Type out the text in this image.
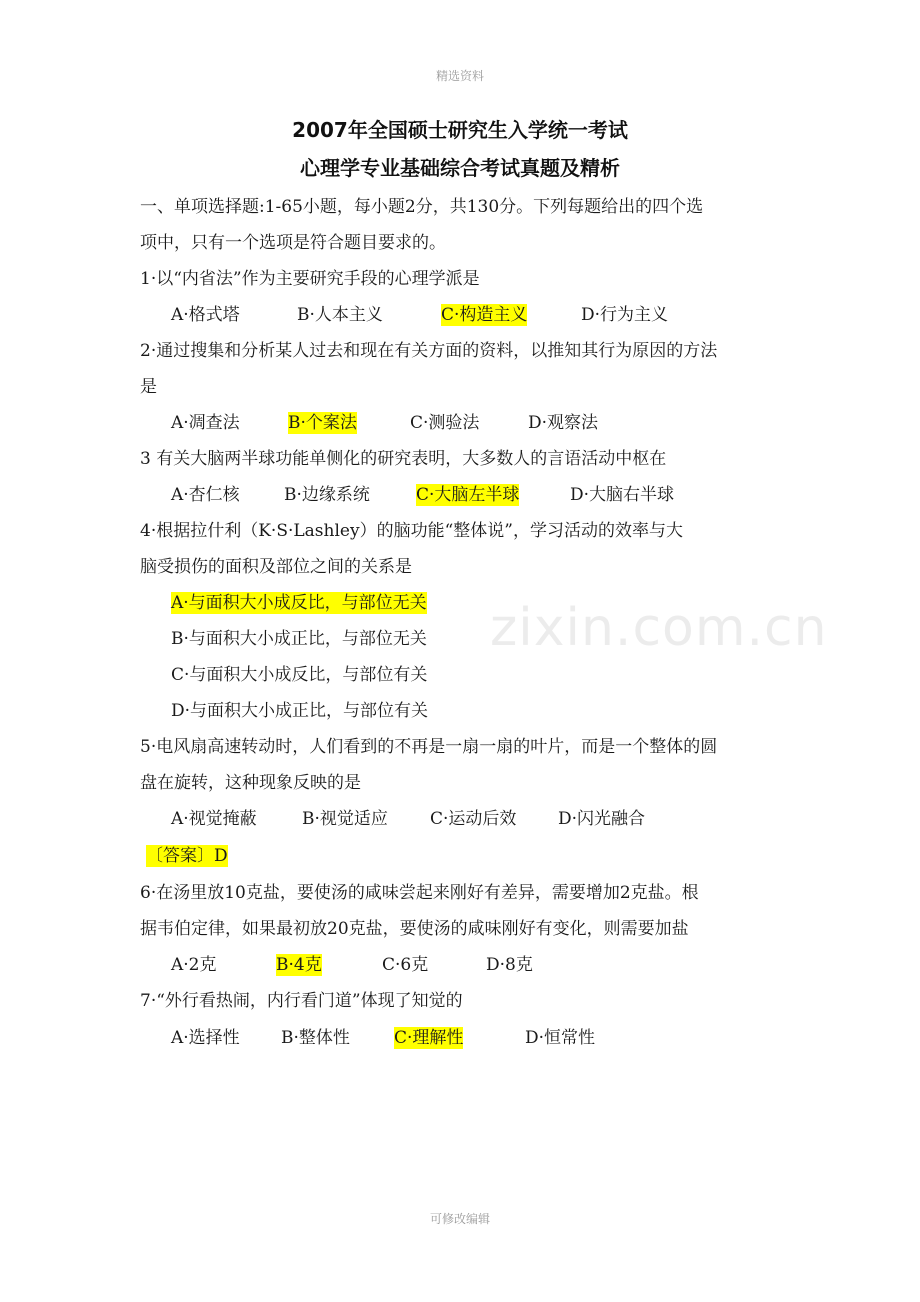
精选资料
zixin.com.cn
2007年全国硕士研究生入学统一考试
心理学专业基础综合考试真题及精析
一、单项选择题:1-65小题，每小题2分，共130分。下列每题给出的四个选
项中，只有一个选项是符合题目要求的。
1·以“内省法”作为主要研究手段的心理学派是
A·格式塔	B·人本主义	C·构造主义	D·行为主义
2·通过搜集和分析某人过去和现在有关方面的资料，以推知其行为原因的方法
是
A·凋查法	B·个案法	C·测验法	D·观察法
3 有关大脑两半球功能单侧化的研究表明，大多数人的言语活动中枢在
A·杏仁核	B·边缘系统	C·大脑左半球	D·大脑右半球
4·根据拉什利（K·S·Lashley）的脑功能“整体说”，学习活动的效率与大
脑受损伤的面积及部位之间的关系是
A·与面积大小成反比，与部位无关
B·与面积大小成正比，与部位无关
C·与面积大小成反比，与部位有关
D·与面积大小成正比，与部位有关
5·电风扇高速转动时，人们看到的不再是一扇一扇的叶片，而是一个整体的圆
盘在旋转，这种现象反映的是
A·视觉掩蔽	B·视觉适应 C·运动后效 D·闪光融合
〔答案〕D
6·在汤里放10克盐，要使汤的咸味尝起来刚好有差异，需要增加2克盐。根
据韦伯定律，如果最初放20克盐，要使汤的咸味刚好有变化，则需要加盐
A·2克	B·4克	C·6克	D·8克
7·“外行看热闹，内行看门道”体现了知觉的
A·选择性 B·整体性	C·理解性	D·恒常性
可修改编辑
